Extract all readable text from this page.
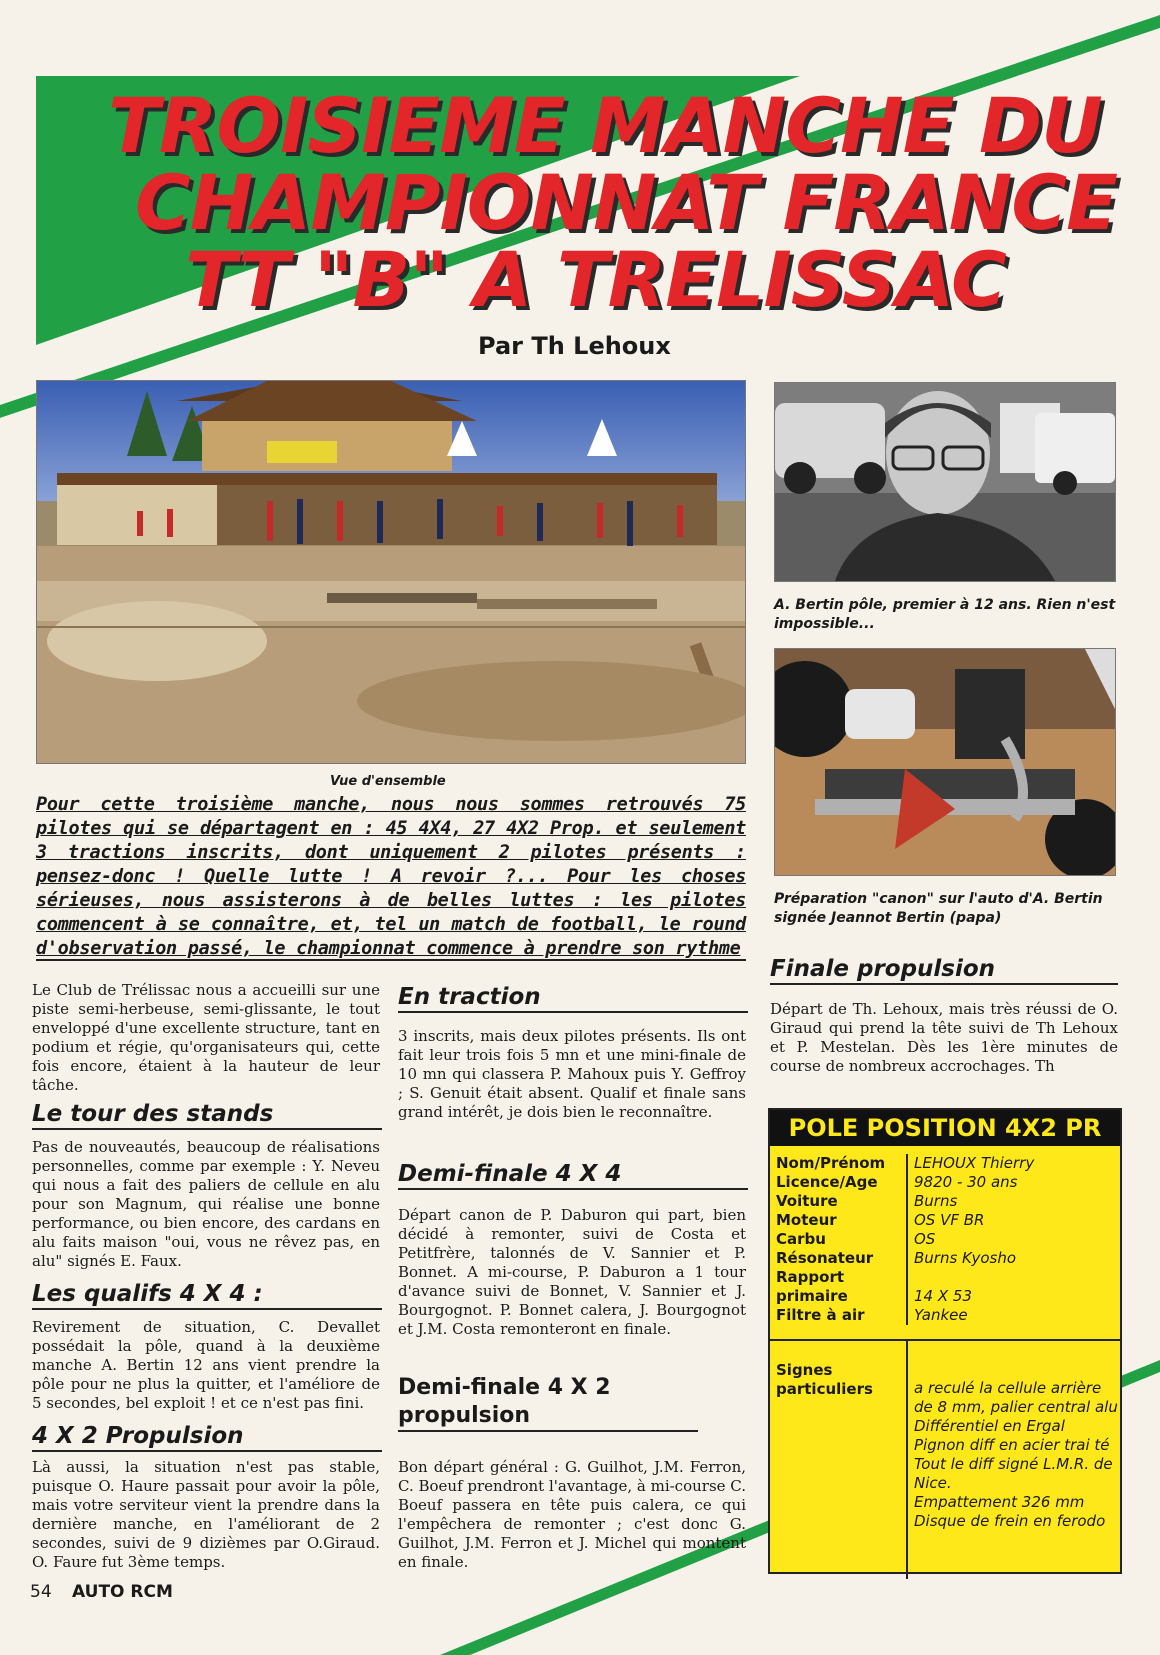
TROISIEME MANCHE DU
CHAMPIONNAT FRANCE
TT "B" A TRELISSAC
Par Th Lehoux
Vue d'ensemble
A. Bertin pôle, premier à 12 ans. Rien n'est impossible...
Préparation "canon" sur l'auto d'A. Bertin signée Jeannot Bertin (papa)
Pour cette troisième manche, nous nous sommes retrouvés 75 pilotes qui se départagent en : 45 4X4, 27 4X2 Prop. et seulement 3 tractions inscrits, dont uniquement 2 pilotes présents : pensez-donc ! Quelle lutte ! A revoir ?... Pour les choses sérieuses, nous assisterons à de belles luttes : les pilotes commencent à se connaître, et, tel un match de football, le round d'observation passé, le championnat commence à prendre son rythme
Le Club de Trélissac nous a accueilli sur une piste semi-herbeuse, semi-glissante, le tout enveloppé d'une excellente structure, tant en podium et régie, qu'organisateurs qui, cette fois encore, étaient à la hauteur de leur tâche.
Le tour des stands
Pas de nouveautés, beaucoup de réalisations personnelles, comme par exemple : Y. Neveu qui nous a fait des paliers de cellule en alu pour son Magnum, qui réalise une bonne performance, ou bien encore, des cardans en alu faits maison "oui, vous ne rêvez pas, en alu" signés E. Faux.
Les qualifs 4 X 4 :
Revirement de situation, C. Devallet possédait la pôle, quand à la deuxième manche A. Bertin 12 ans vient prendre la pôle pour ne plus la quitter, et l'améliore de 5 secondes, bel exploit ! et ce n'est pas fini.
4 X 2 Propulsion
Là aussi, la situation n'est pas stable, puisque O. Haure passait pour avoir la pôle, mais votre serviteur vient la prendre dans la dernière manche, en l'améliorant de 2 secondes, suivi de 9 dizièmes par O.Giraud. O. Faure fut 3ème temps.
En traction
3 inscrits, mais deux pilotes présents. Ils ont fait leur trois fois 5 mn et une mini-finale de 10 mn qui classera P. Mahoux puis Y. Geffroy ; S. Genuit était absent. Qualif et finale sans grand intérêt, je dois bien le reconnaître.
Demi-finale 4 X 4
Départ canon de P. Daburon qui part, bien décidé à remonter, suivi de Costa et Petitfrère, talonnés de V. Sannier et P. Bonnet. A mi-course, P. Daburon a 1 tour d'avance suivi de Bonnet, V. Sannier et J. Bourgognot. P. Bonnet calera, J. Bourgognot et J.M. Costa remonteront en finale.
Demi-finale 4 X 2 propulsion
Bon départ général : G. Guilhot, J.M. Ferron, C. Boeuf prendront l'avantage, à mi-course C. Boeuf passera en tête puis calera, ce qui l'empêchera de remonter ; c'est donc G. Guilhot, J.M. Ferron et J. Michel qui montent en finale.
Finale propulsion
Départ de Th. Lehoux, mais très réussi de O. Giraud qui prend la tête suivi de Th Lehoux et P. Mestelan. Dès les 1ère minutes de course de nombreux accrochages. Th
POLE POSITION 4X2 PR
Nom/Prénom	LEHOUX Thierry
Licence/Age	9820 - 30 ans
Voiture	Burns
Moteur	OS VF BR
Carbu	OS
Résonateur	Burns Kyosho
Rapport
primaire	14 X 53
Filtre à air	Yankee
Signes particuliers	a reculé la cellule arrière de 8 mm, palier central alu
Différentiel en Ergal
Pignon diff en acier trai té
Tout le diff signé L.M.R. de Nice.
Empattement 326 mm
Disque de frein en ferodo
54 AUTO RCM
